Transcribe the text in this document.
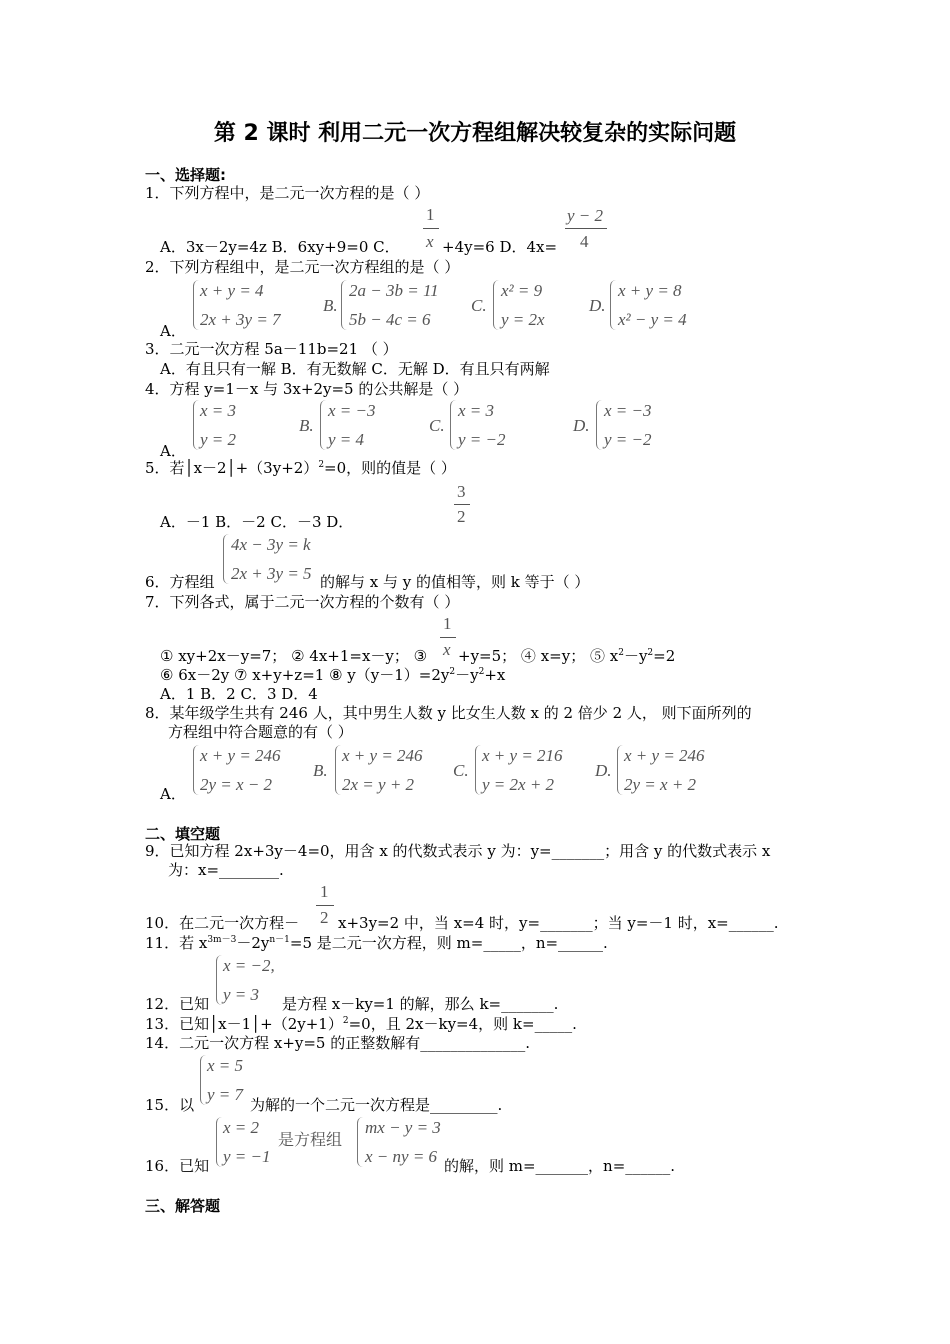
第 2 课时 利用二元一次方程组解决较复杂的实际问题
一、选择题:
1．下列方程中，是二元一次方程的是（ ）
1
x
A．3x－2y=4z B．6xy+9=0 C．	+4y=6 D．4x=
y − 2
4
2．下列方程组中，是二元一次方程组的是（ ）
A．
x + y = 4
2x + 3y = 7
B.
2a − 3b = 11
5b − 4c = 6
C.
x² = 9
y = 2x
D.
x + y = 8
x² − y = 4
3．二元一次方程 5a－11b=21 （ ）
A．有且只有一解 B．有无数解 C．无解 D．有且只有两解
4．方程 y=1－x 与 3x+2y=5 的公共解是（ ）
A．
x = 3
y = 2
B.
x = −3
y = 4
C.
x = 3
y = −2
D.
x = −3
y = −2
5．若$│x-2│+(3y+2)^2=0$，则的值是（ ）
3
2
A．－1 B．－2 C．－3 D．
4x − 3y = k
2x + 3y = 5
6．方程组	的解与 x 与 y 的值相等，则 k 等于（ ）
7．下列各式，属于二元一次方程的个数有（ ）
1
x
① xy+2x－y=7； ② 4x+1=x－y； ③ +y=5； ④ x=y； ⑤ $x^2-y^2=2$
⑥ 6x－2y ⑦ x+y+z=1 ⑧ $y(y-1)=2y^2-y^2+x$
A．1 B．2 C．3 D．4
8．某年级学生共有 246 人，其中男生人数 y 比女生人数 x 的 2 倍少 2 人， 则下面所列的
方程组中符合题意的有（ ）
A．
x + y = 246
2y = x − 2
B.
x + y = 246
2x = y + 2
C.
x + y = 216
y = 2x + 2
D.
x + y = 246
2y = x + 2
二、填空题
9．已知方程 2x+3y－4=0，用含 x 的代数式表示 y 为：y=_______；用含 y 的代数式表示 x
为：x=________.
1
2
10．在二元一次方程－	x+3y=2 中，当 x=4 时，y=_______；当 y=－1 时，x=______.
11．若 $x^{3m-3}-2y^{n-1}=5$ 是二元一次方程，则 m=_____，n=______.
x = −2,
y = 3
12．已知	是方程 x－ky=1 的解，那么 k=_______.
13．已知$│x-1│+(2y+1)^2=0$，且 2x－ky=4，则 k=_____.
14．二元一次方程 x+y=5 的正整数解有______________.
x = 5
y = 7
15．以	为解的一个二元一次方程是_________.
x = 2
y = −1
是方程组
mx − y = 3
x − ny = 6
16．已知	的解，则 m=_______，n=______.
三、解答题
